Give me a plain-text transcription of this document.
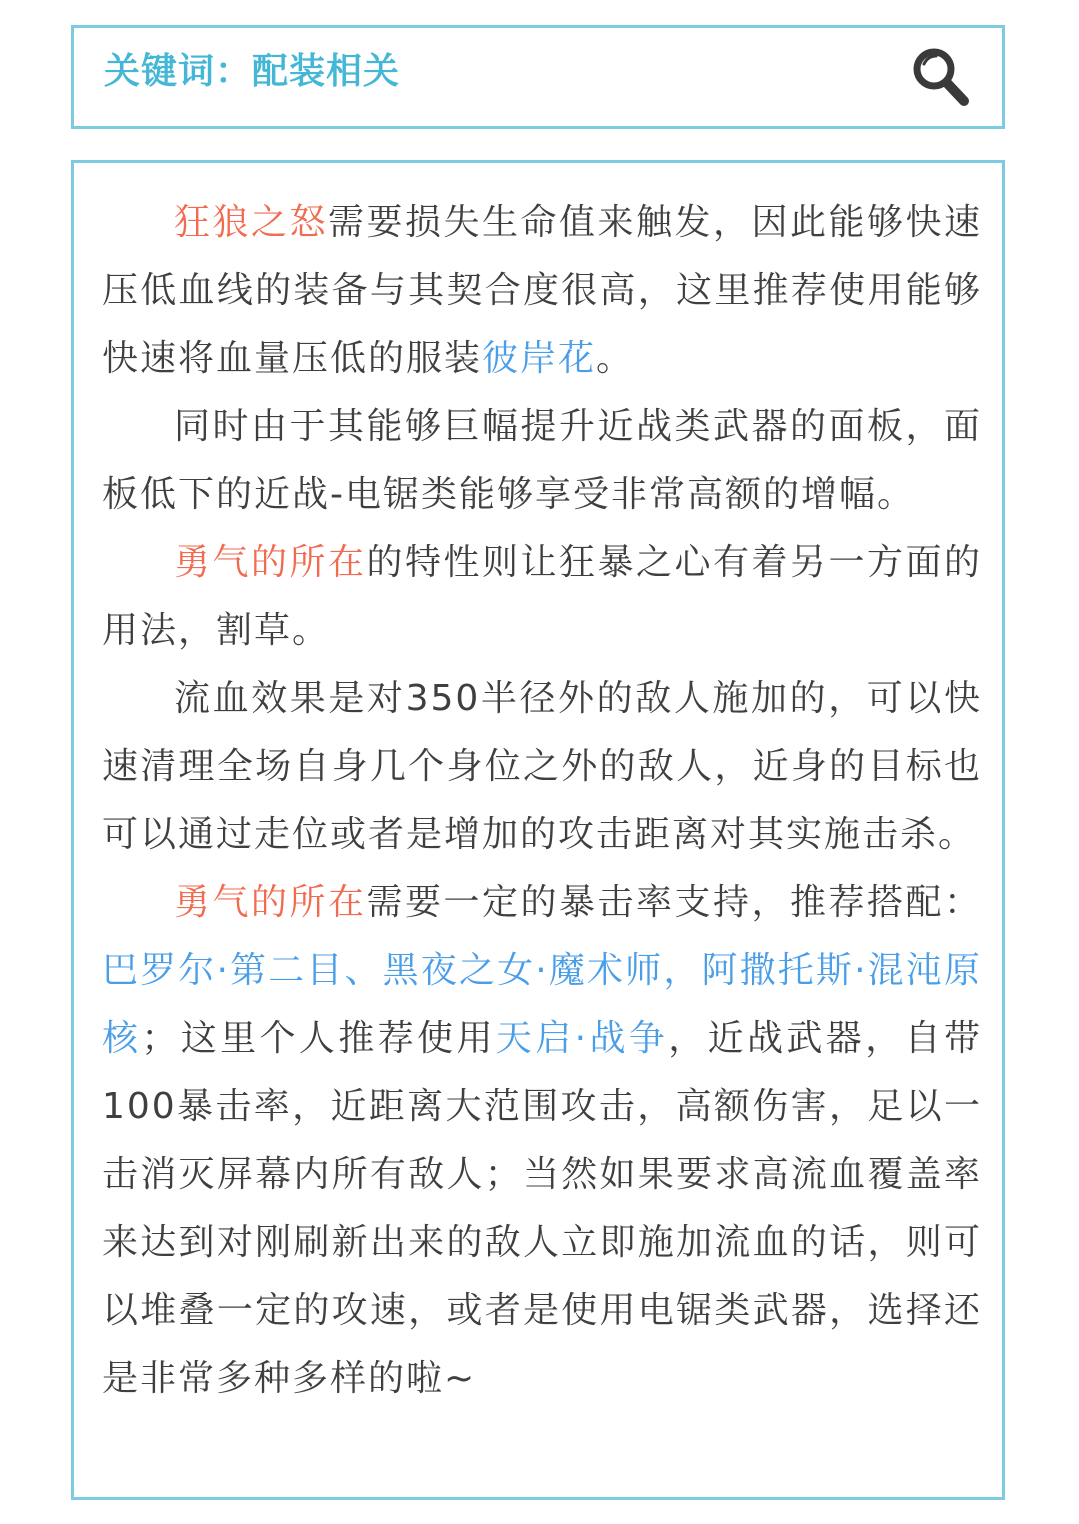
关键词：配装相关

狂狼之怒需要损失生命值来触发，因此能够快速压低血线的装备与其契合度很高，这里推荐使用能够快速将血量压低的服装彼岸花。

同时由于其能够巨幅提升近战类武器的面板，面板低下的近战-电锯类能够享受非常高额的增幅。

勇气的所在的特性则让狂暴之心有着另一方面的用法，割草。

流血效果是对350半径外的敌人施加的，可以快速清理全场自身几个身位之外的敌人，近身的目标也可以通过走位或者是增加的攻击距离对其实施击杀。

勇气的所在需要一定的暴击率支持，推荐搭配：巴罗尔·第二目、黑夜之女·魔术师，阿撒托斯·混沌原核；这里个人推荐使用天启·战争，近战武器，自带100暴击率，近距离大范围攻击，高额伤害，足以一击消灭屏幕内所有敌人；当然如果要求高流血覆盖率来达到对刚刷新出来的敌人立即施加流血的话，则可以堆叠一定的攻速，或者是使用电锯类武器，选择还是非常多种多样的啦~
